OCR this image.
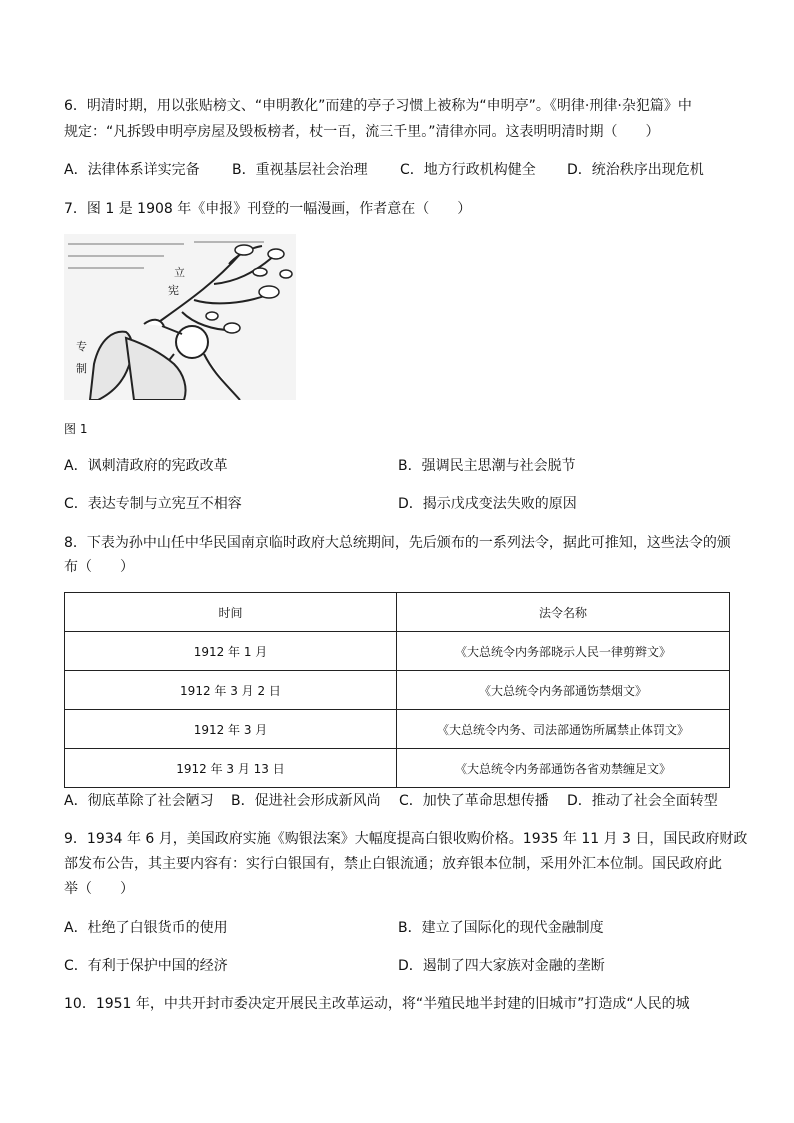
6．明清时期，用以张贴榜文、“申明教化”而建的亭子习惯上被称为“申明亭”。《明律·刑律·杂犯篇》中
规定：“凡拆毁申明亭房屋及毁板榜者，杖一百，流三千里。”清律亦同。这表明明清时期（　　）
A．法律体系详实完备 B．重视基层社会治理 C．地方行政机构健全 D．统治秩序出现危机
7．图 1 是 1908 年《申报》刊登的一幅漫画，作者意在（　　）
立
宪
专
制
图 1
A．讽刺清政府的宪政改革	B．强调民主思潮与社会脱节
C．表达专制与立宪互不相容	D．揭示戊戌变法失败的原因
8．下表为孙中山任中华民国南京临时政府大总统期间，先后颁布的一系列法令，据此可推知，这些法令的颁
布（　　）
时间	法令名称
1912 年 1 月	《大总统令内务部晓示人民一律剪辫文》
1912 年 3 月 2 日	《大总统令内务部通饬禁烟文》
1912 年 3 月	《大总统令内务、司法部通饬所属禁止体罚文》
1912 年 3 月 13 日	《大总统令内务部通饬各省劝禁缠足文》
A．彻底革除了社会陋习 B．促进社会形成新风尚 C．加快了革命思想传播 D．推动了社会全面转型
9．1934 年 6 月，美国政府实施《购银法案》大幅度提高白银收购价格。1935 年 11 月 3 日，国民政府财政
部发布公告，其主要内容有：实行白银国有，禁止白银流通；放弃银本位制，采用外汇本位制。国民政府此
举（　　）
A．杜绝了白银货币的使用	B．建立了国际化的现代金融制度
C．有利于保护中国的经济	D．遏制了四大家族对金融的垄断
10．1951 年，中共开封市委决定开展民主改革运动，将“半殖民地半封建的旧城市”打造成“人民的城
